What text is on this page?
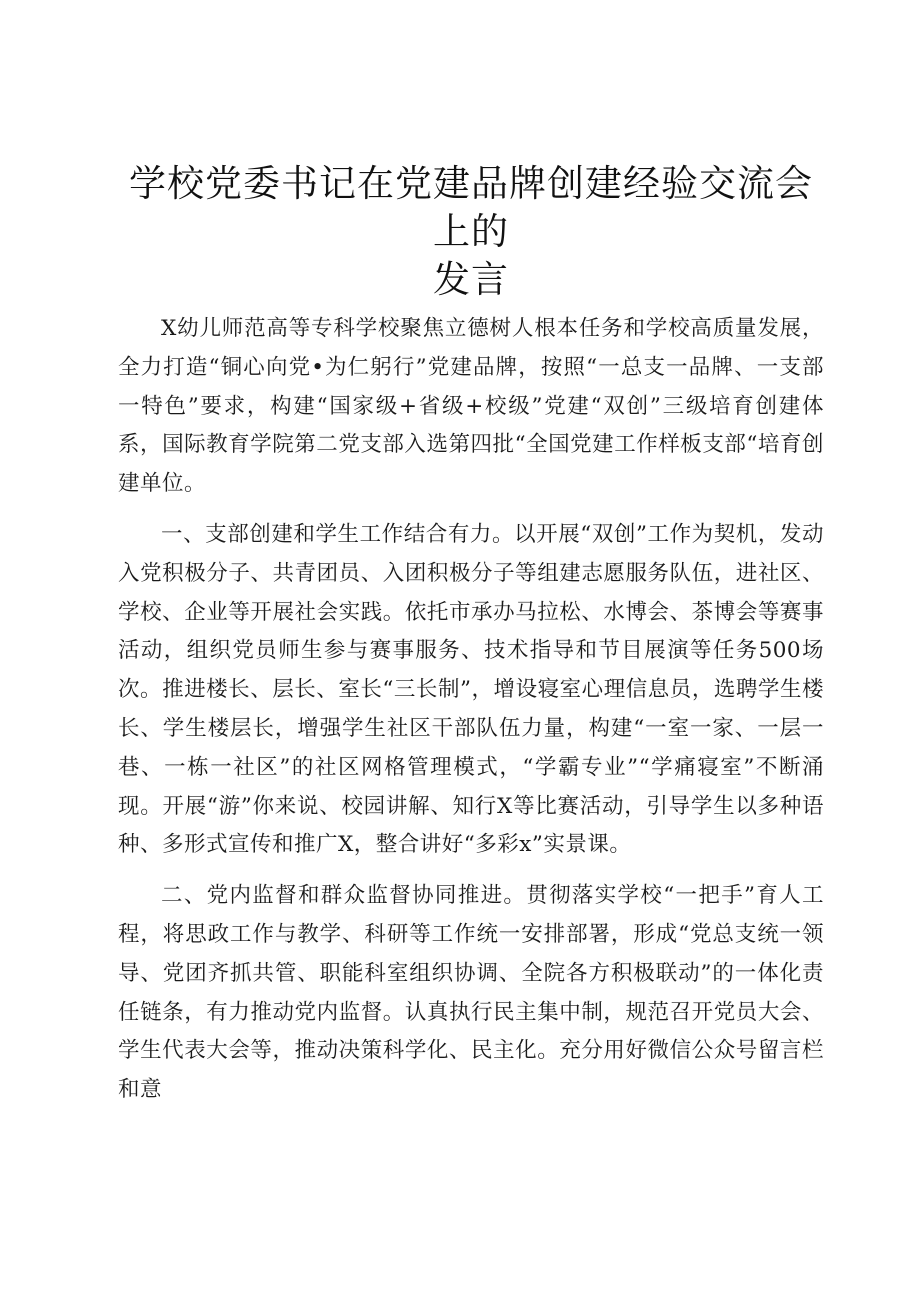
学校党委书记在党建品牌创建经验交流会上的
发言

X幼儿师范高等专科学校聚焦立德树人根本任务和学校高质量发展，全力打造“铜心向党•为仁躬行”党建品牌，按照“一总支一品牌、一支部一特色”要求，构建“国家级+省级+校级”党建“双创”三级培育创建体系，国际教育学院第二党支部入选第四批“全国党建工作样板支部“培育创建单位。

一、支部创建和学生工作结合有力。以开展“双创”工作为契机，发动入党积极分子、共青团员、入团积极分子等组建志愿服务队伍，进社区、学校、企业等开展社会实践。依托市承办马拉松、水博会、茶博会等赛事活动，组织党员师生参与赛事服务、技术指导和节目展演等任务500场次。推进楼长、层长、室长“三长制”，增设寝室心理信息员，选聘学生楼长、学生楼层长，增强学生社区干部队伍力量，构建“一室一家、一层一巷、一栋一社区”的社区网格管理模式，“学霸专业”“学痛寝室”不断涌现。开展“游”你来说、校园讲解、知行X等比赛活动，引导学生以多种语种、多形式宣传和推广X，整合讲好“多彩x”实景课。

二、党内监督和群众监督协同推进。贯彻落实学校“一把手”育人工程，将思政工作与教学、科研等工作统一安排部署，形成“党总支统一领导、党团齐抓共管、职能科室组织协调、全院各方积极联动”的一体化责任链条，有力推动党内监督。认真执行民主集中制，规范召开党员大会、学生代表大会等，推动决策科学化、民主化。充分用好微信公众号留言栏和意
